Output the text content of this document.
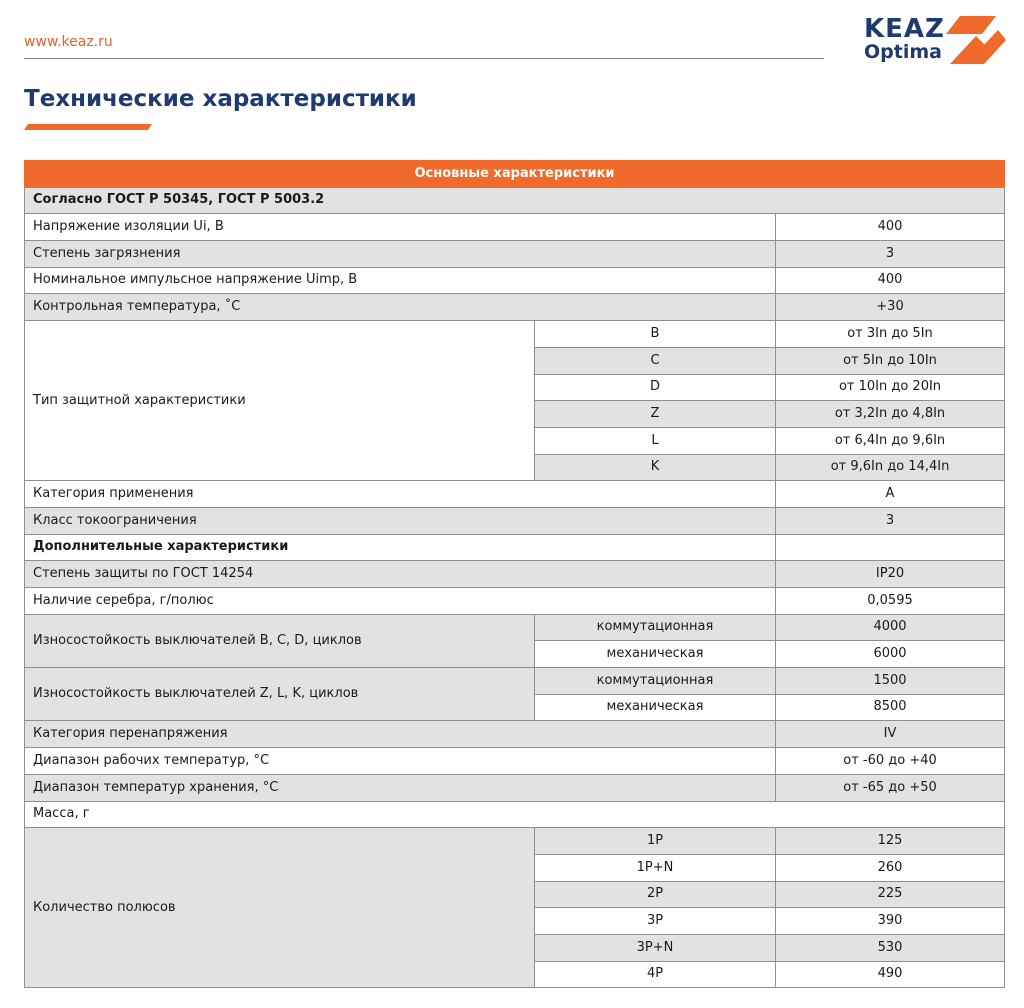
www.keaz.ru	KEAZ
Optima
Технические характеристики
Основные характеристики		
Согласно ГОСТ Р 50345, ГОСТ Р 5003.2		
Напряжение изоляции Ui, В		400
Степень загрязнения		3
Номинальное импульсное напряжение Uimp, В		400
Контрольная температура, ˚С		+30
Тип защитной характеристики	B	от 3In до 5In
	C	от 5In до 10In
	D	от 10In до 20In
	Z	от 3,2In до 4,8In
	L	от 6,4In до 9,6In
	K	от 9,6In до 14,4In
Категория применения		A
Класс токоограничения		3
Дополнительные характеристики		
Степень защиты по ГОСТ 14254		IP20
Наличие серебра, г/полюс		0,0595
Износостойкость выключателей B, C, D, циклов	коммутационная	4000
	механическая	6000
Износостойкость выключателей Z, L, K, циклов	коммутационная	1500
	механическая	8500
Категория перенапряжения		IV
Диапазон рабочих температур, °С		от -60 до +40
Диапазон температур хранения, °С		от -65 до +50
Масса, г		
Количество полюсов	1P	125
	1P+N	260
	2P	225
	3P	390
	3P+N	530
	4P	490
